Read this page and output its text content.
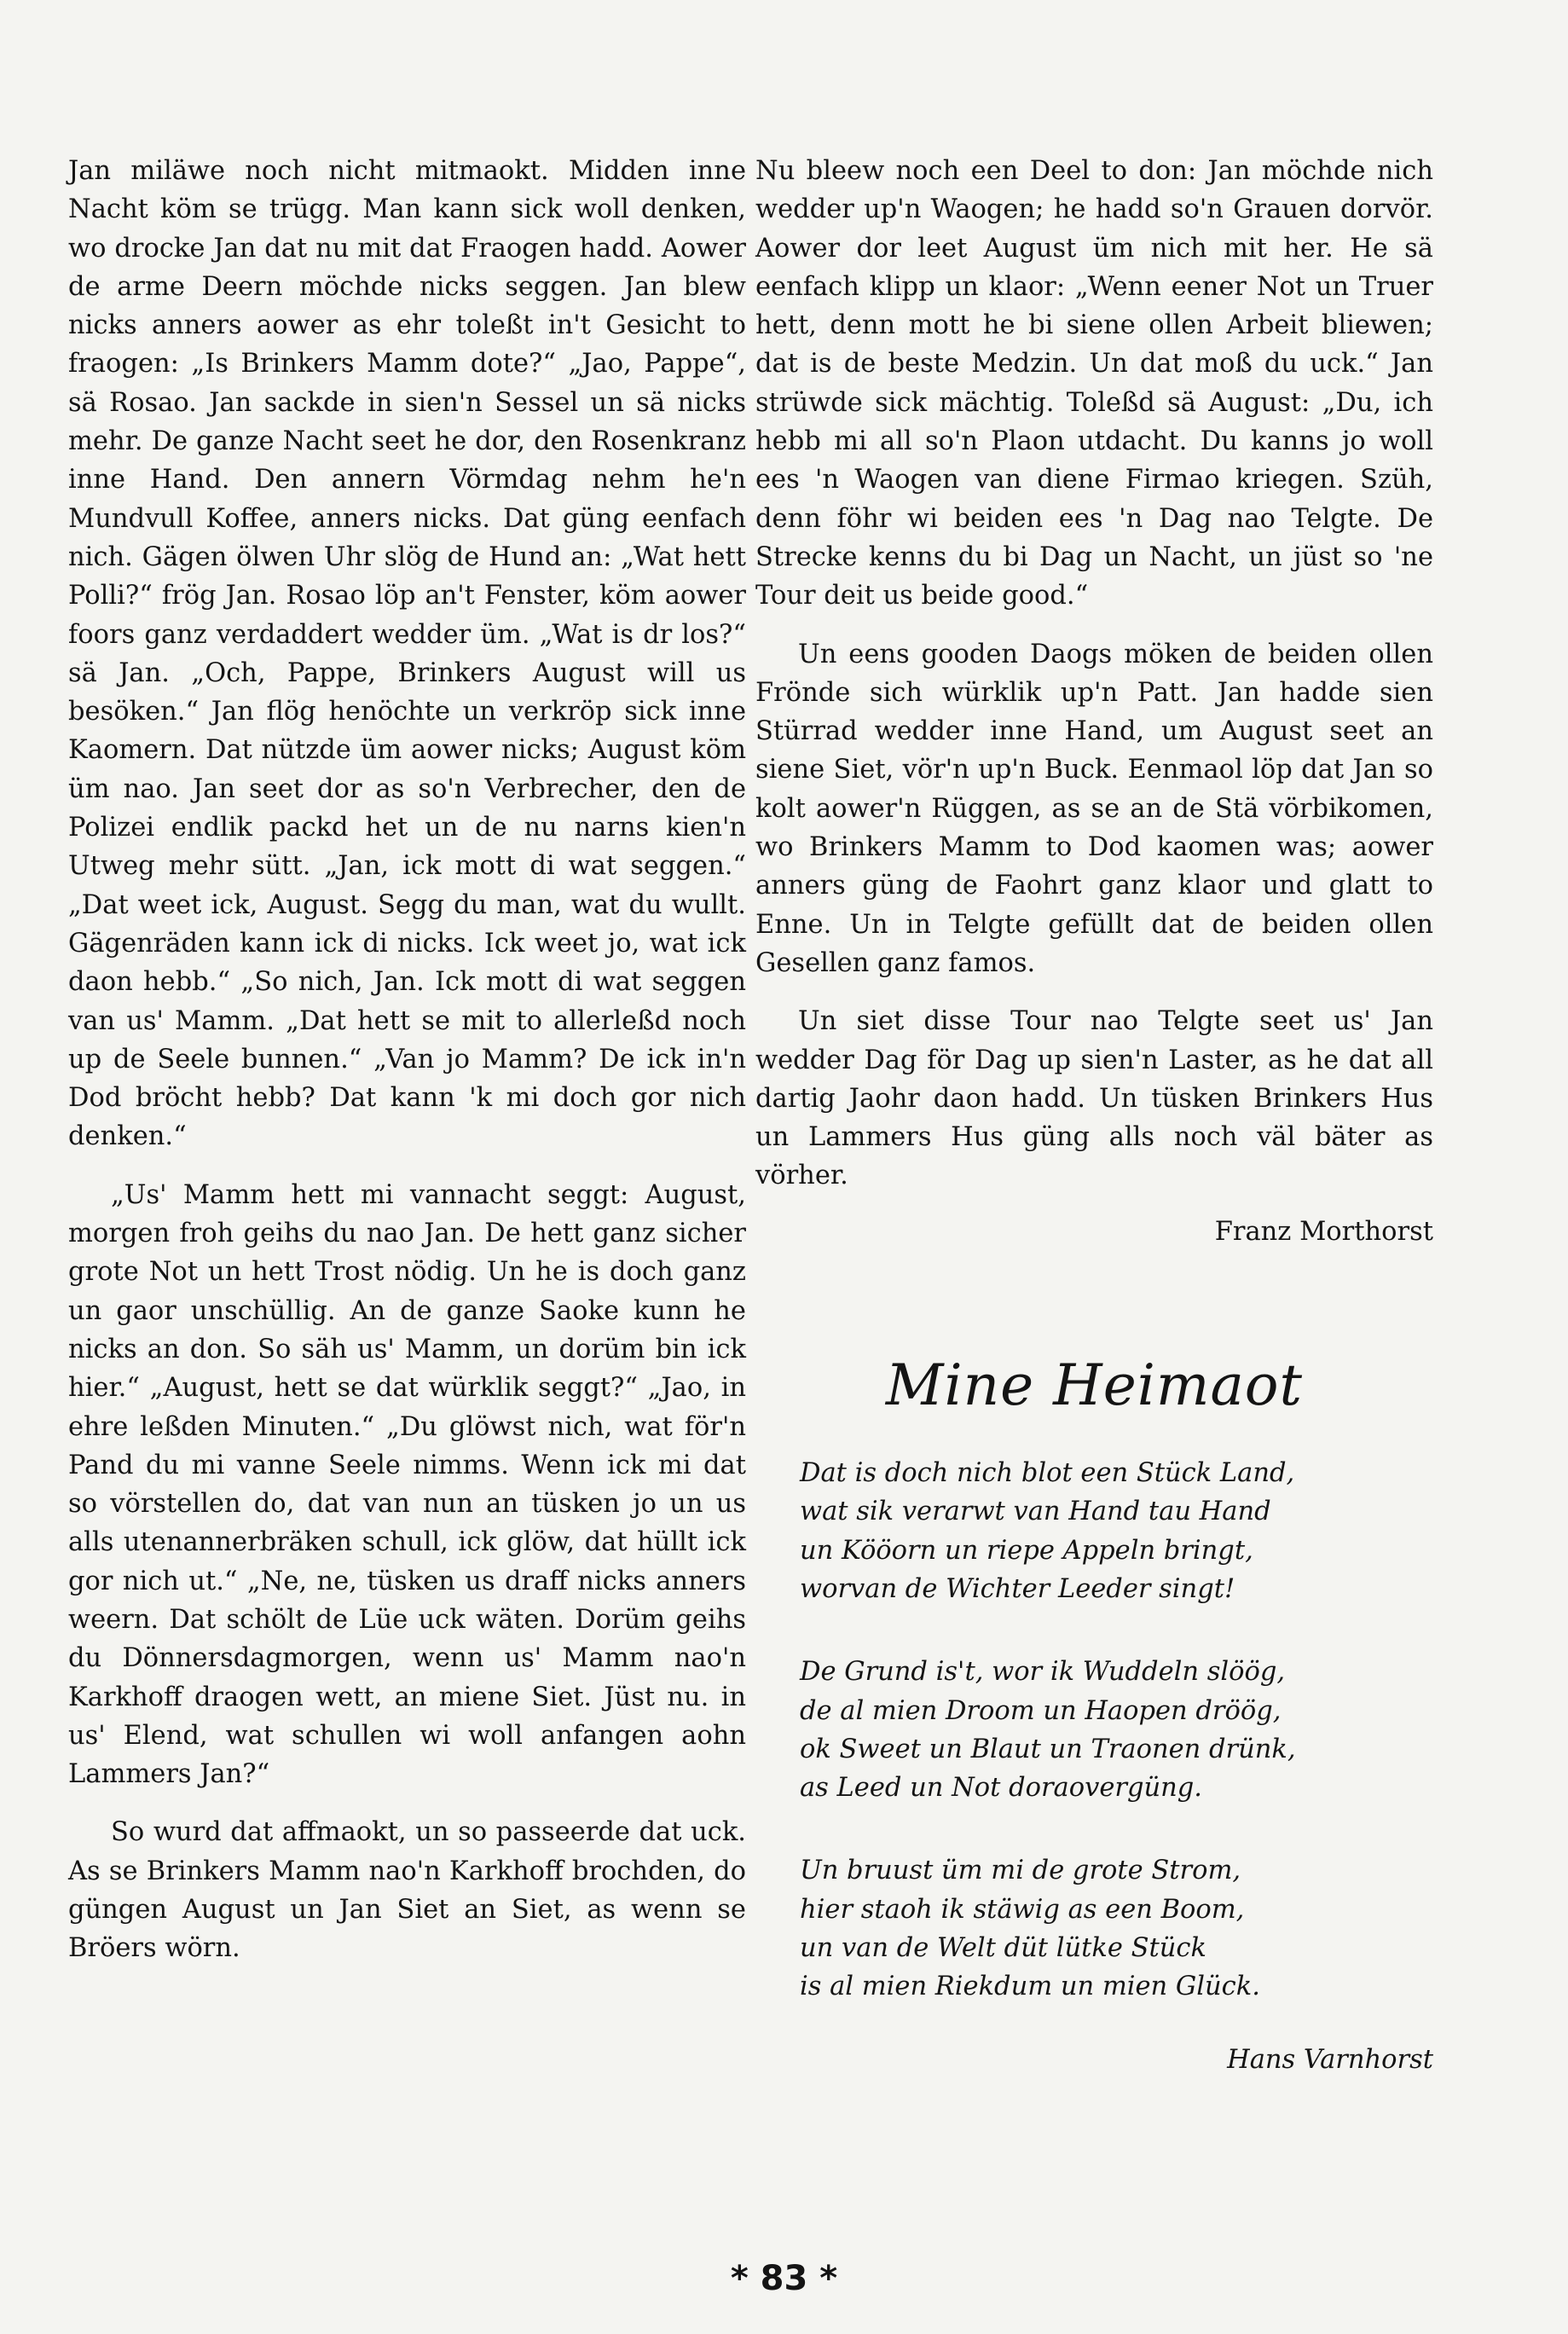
Jan miläwe noch nicht mitmaokt. Midden inne Nacht köm se trügg. Man kann sick woll denken, wo drocke Jan dat nu mit dat Fraogen hadd. Aower de arme Deern möchde nicks seggen. Jan blew nicks anners aower as ehr toleßt in't Gesicht to fraogen: „Is Brinkers Mamm dote?“ „Jao, Pappe“, sä Rosao. Jan sackde in sien'n Sessel un sä nicks mehr. De ganze Nacht seet he dor, den Rosenkranz inne Hand. Den annern Vörmdag nehm he'n Mundvull Koffee, anners nicks. Dat güng eenfach nich. Gägen ölwen Uhr slög de Hund an: „Wat hett Polli?“ frög Jan. Rosao löp an't Fenster, köm aower foors ganz verdaddert wedder üm. „Wat is dr los?“ sä Jan. „Och, Pappe, Brinkers August will us besöken.“ Jan flög henöchte un verkröp sick inne Kaomern. Dat nützde üm aower nicks; August köm üm nao. Jan seet dor as so'n Verbrecher, den de Polizei endlik packd het un de nu narns kien'n Utweg mehr sütt. „Jan, ick mott di wat seggen.“ „Dat weet ick, August. Segg du man, wat du wullt. Gägenräden kann ick di nicks. Ick weet jo, wat ick daon hebb.“ „So nich, Jan. Ick mott di wat seggen van us' Mamm. „Dat hett se mit to allerleßd noch up de Seele bunnen.“ „Van jo Mamm? De ick in'n Dod bröcht hebb? Dat kann 'k mi doch gor nich denken.“

„Us' Mamm hett mi vannacht seggt: August, morgen froh geihs du nao Jan. De hett ganz sicher grote Not un hett Trost nödig. Un he is doch ganz un gaor unschüllig. An de ganze Saoke kunn he nicks an don. So säh us' Mamm, un dorüm bin ick hier.“ „August, hett se dat würklik seggt?“ „Jao, in ehre leßden Minuten.“ „Du glöwst nich, wat för'n Pand du mi vanne Seele nimms. Wenn ick mi dat so vörstellen do, dat van nun an tüsken jo un us alls utenannerbräken schull, ick glöw, dat hüllt ick gor nich ut.“ „Ne, ne, tüsken us draff nicks anners weern. Dat schölt de Lüe uck wäten. Dorüm geihs du Dönnersdagmorgen, wenn us' Mamm nao'n Karkhoff draogen wett, an miene Siet. Jüst nu. in us' Elend, wat schullen wi woll anfangen aohn Lammers Jan?“

So wurd dat affmaokt, un so passeerde dat uck. As se Brinkers Mamm nao'n Karkhoff brochden, do güngen August un Jan Siet an Siet, as wenn se Bröers wörn.

Nu bleew noch een Deel to don: Jan möchde nich wedder up'n Waogen; he hadd so'n Grauen dorvör. Aower dor leet August üm nich mit her. He sä eenfach klipp un klaor: „Wenn eener Not un Truer hett, denn mott he bi siene ollen Arbeit bliewen; dat is de beste Medzin. Un dat moß du uck.“ Jan strüwde sick mächtig. Toleßd sä August: „Du, ich hebb mi all so'n Plaon utdacht. Du kanns jo woll ees 'n Waogen van diene Firmao kriegen. Szüh, denn föhr wi beiden ees 'n Dag nao Telgte. De Strecke kenns du bi Dag un Nacht, un jüst so 'ne Tour deit us beide good.“

Un eens gooden Daogs möken de beiden ollen Frönde sich würklik up'n Patt. Jan hadde sien Stürrad wedder inne Hand, um August seet an siene Siet, vör'n up'n Buck. Eenmaol löp dat Jan so kolt aower'n Rüggen, as se an de Stä vörbikomen, wo Brinkers Mamm to Dod kaomen was; aower anners güng de Faohrt ganz klaor und glatt to Enne. Un in Telgte gefüllt dat de beiden ollen Gesellen ganz famos.

Un siet disse Tour nao Telgte seet us' Jan wedder Dag för Dag up sien'n Laster, as he dat all dartig Jaohr daon hadd. Un tüsken Brinkers Hus un Lammers Hus güng alls noch väl bäter as vörher.

Franz Morthorst
Mine Heimaot
Dat is doch nich blot een Stück Land,
wat sik verarwt van Hand tau Hand
un Kööorn un riepe Appeln bringt,
worvan de Wichter Leeder singt!
De Grund is't, wor ik Wuddeln slöög,
de al mien Droom un Haopen dröög,
ok Sweet un Blaut un Traonen drünk,
as Leed un Not doraovergüng.
Un bruust üm mi de grote Strom,
hier staoh ik stäwig as een Boom,
un van de Welt düt lütke Stück
is al mien Riekdum un mien Glück.
Hans Varnhorst
* 83 *
